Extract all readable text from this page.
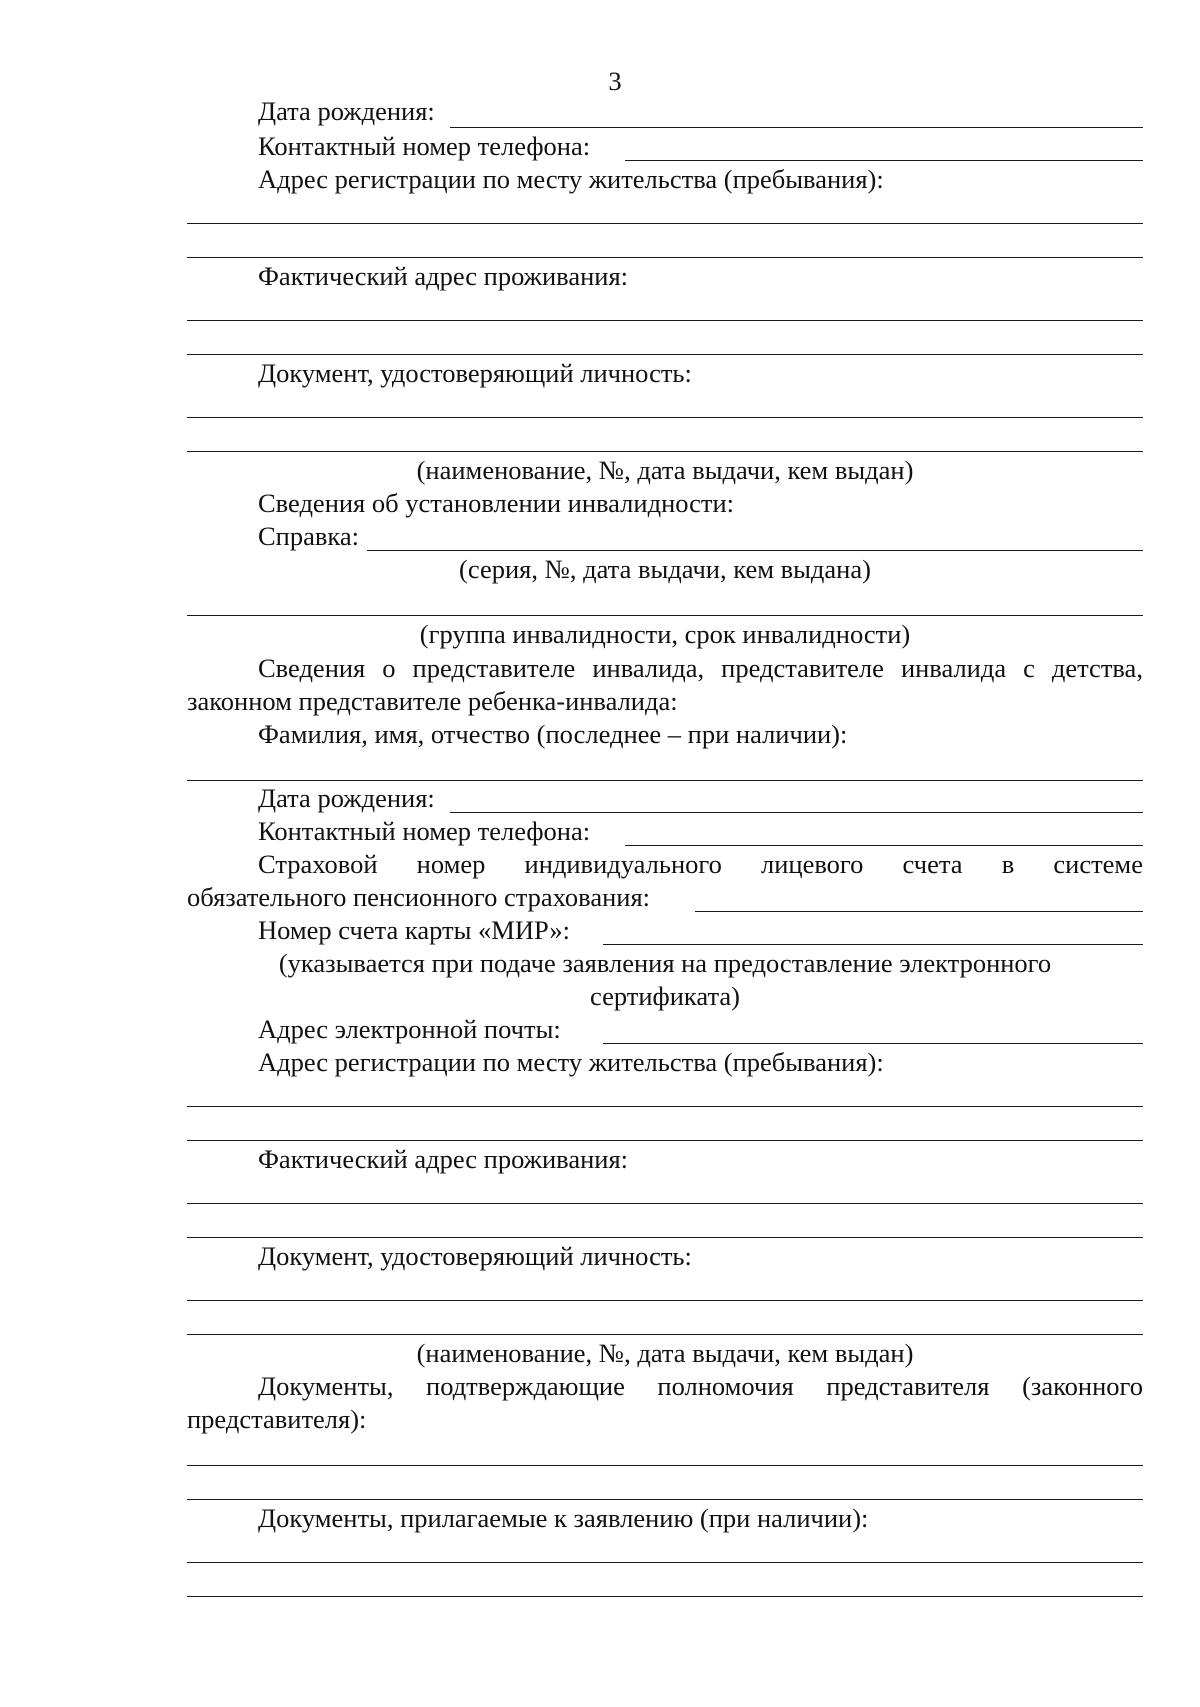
3
Дата рождения:
Контактный номер телефона:
Адрес регистрации по месту жительства (пребывания):
Фактический адрес проживания:
Документ, удостоверяющий личность:
(наименование, №, дата выдачи, кем выдан)
Сведения об установлении инвалидности:
Справка:
(серия, №, дата выдачи, кем выдана)
(группа инвалидности, срок инвалидности)
Сведения о представителе инвалида, представителе инвалида с детства,
законном представителе ребенка-инвалида:
Фамилия, имя, отчество (последнее – при наличии):
Дата рождения:
Контактный номер телефона:
Страховой номер индивидуального лицевого счета в системе
обязательного пенсионного страхования:
Номер счета карты «МИР»:
(указывается при подаче заявления на предоставление электронного
сертификата)
Адрес электронной почты:
Адрес регистрации по месту жительства (пребывания):
Фактический адрес проживания:
Документ, удостоверяющий личность:
(наименование, №, дата выдачи, кем выдан)
Документы, подтверждающие полномочия представителя (законного
представителя):
Документы, прилагаемые к заявлению (при наличии):
